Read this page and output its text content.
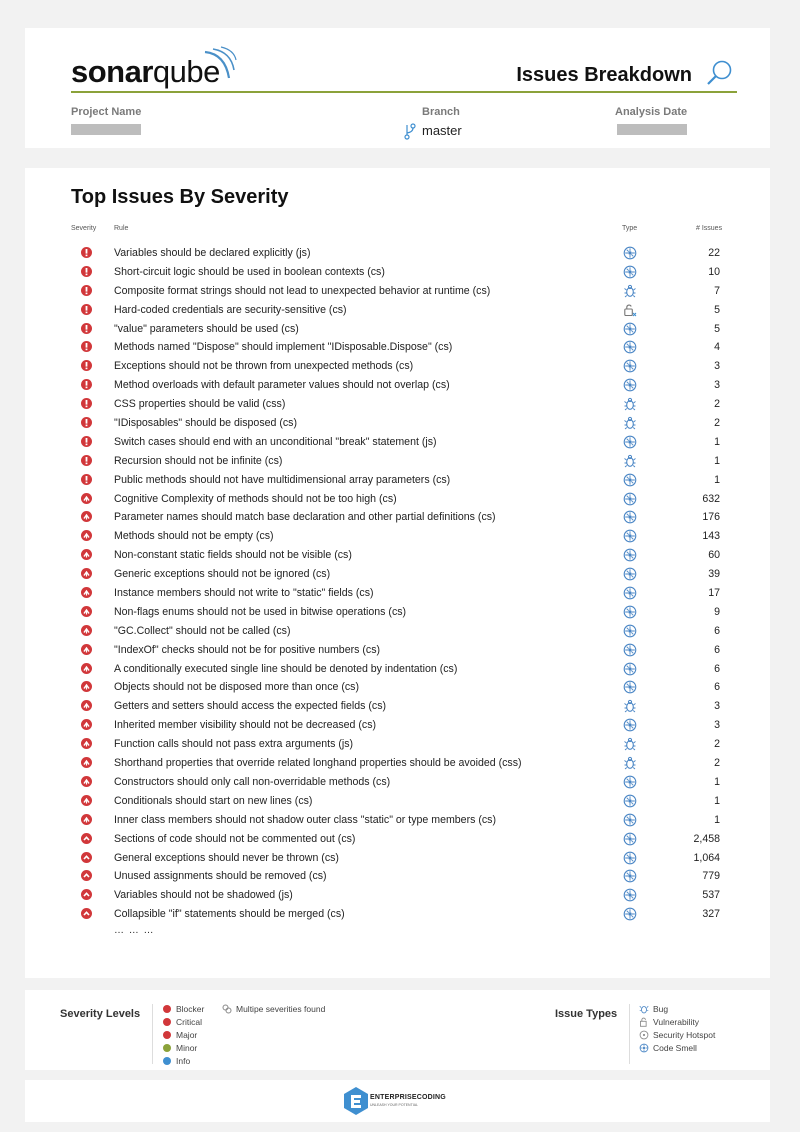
sonarqube	Issues Breakdown
Project Name	Branch
master
Analysis Date
Top Issues By Severity
Severity	Rule	Type	# Issues
Variables should be declared explicitly (js)	22
Short-circuit logic should be used in boolean contexts (cs)	10
Composite format strings should not lead to unexpected behavior at runtime (cs)	7
Hard-coded credentials are security-sensitive (cs)	5
"value" parameters should be used (cs)	5
Methods named "Dispose" should implement "IDisposable.Dispose" (cs)	4
Exceptions should not be thrown from unexpected methods (cs)	3
Method overloads with default parameter values should not overlap (cs)	3
CSS properties should be valid (css)	2
"IDisposables" should be disposed (cs)	2
Switch cases should end with an unconditional "break" statement (js)	1
Recursion should not be infinite (cs)	1
Public methods should not have multidimensional array parameters (cs)	1
Cognitive Complexity of methods should not be too high (cs)	632
Parameter names should match base declaration and other partial definitions (cs)	176
Methods should not be empty (cs)	143
Non-constant static fields should not be visible (cs)	60
Generic exceptions should not be ignored (cs)	39
Instance members should not write to "static" fields (cs)	17
Non-flags enums should not be used in bitwise operations (cs)	9
"GC.Collect" should not be called (cs)	6
"IndexOf" checks should not be for positive numbers (cs)	6
A conditionally executed single line should be denoted by indentation (cs)	6
Objects should not be disposed more than once (cs)	6
Getters and setters should access the expected fields (cs)	3
Inherited member visibility should not be decreased (cs)	3
Function calls should not pass extra arguments (js)	2
Shorthand properties that override related longhand properties should be avoided (css)	2
Constructors should only call non-overridable methods (cs)	1
Conditionals should start on new lines (cs)	1
Inner class members should not shadow outer class "static" or type members (cs)	1
Sections of code should not be commented out (cs)	2,458
General exceptions should never be thrown (cs)	1,064
Unused assignments should be removed (cs)	779
Variables should not be shadowed (js)	537
Collapsible "if" statements should be merged (cs)	327
… … …
Severity Levels	Blocker
Critical
Major
Minor
Info
Multipe severities found	Issue Types	Bug
Vulnerability
Security Hotspot
Code Smell
ENTERPRISECODING
UNLEASH YOUR POTENTIAL
